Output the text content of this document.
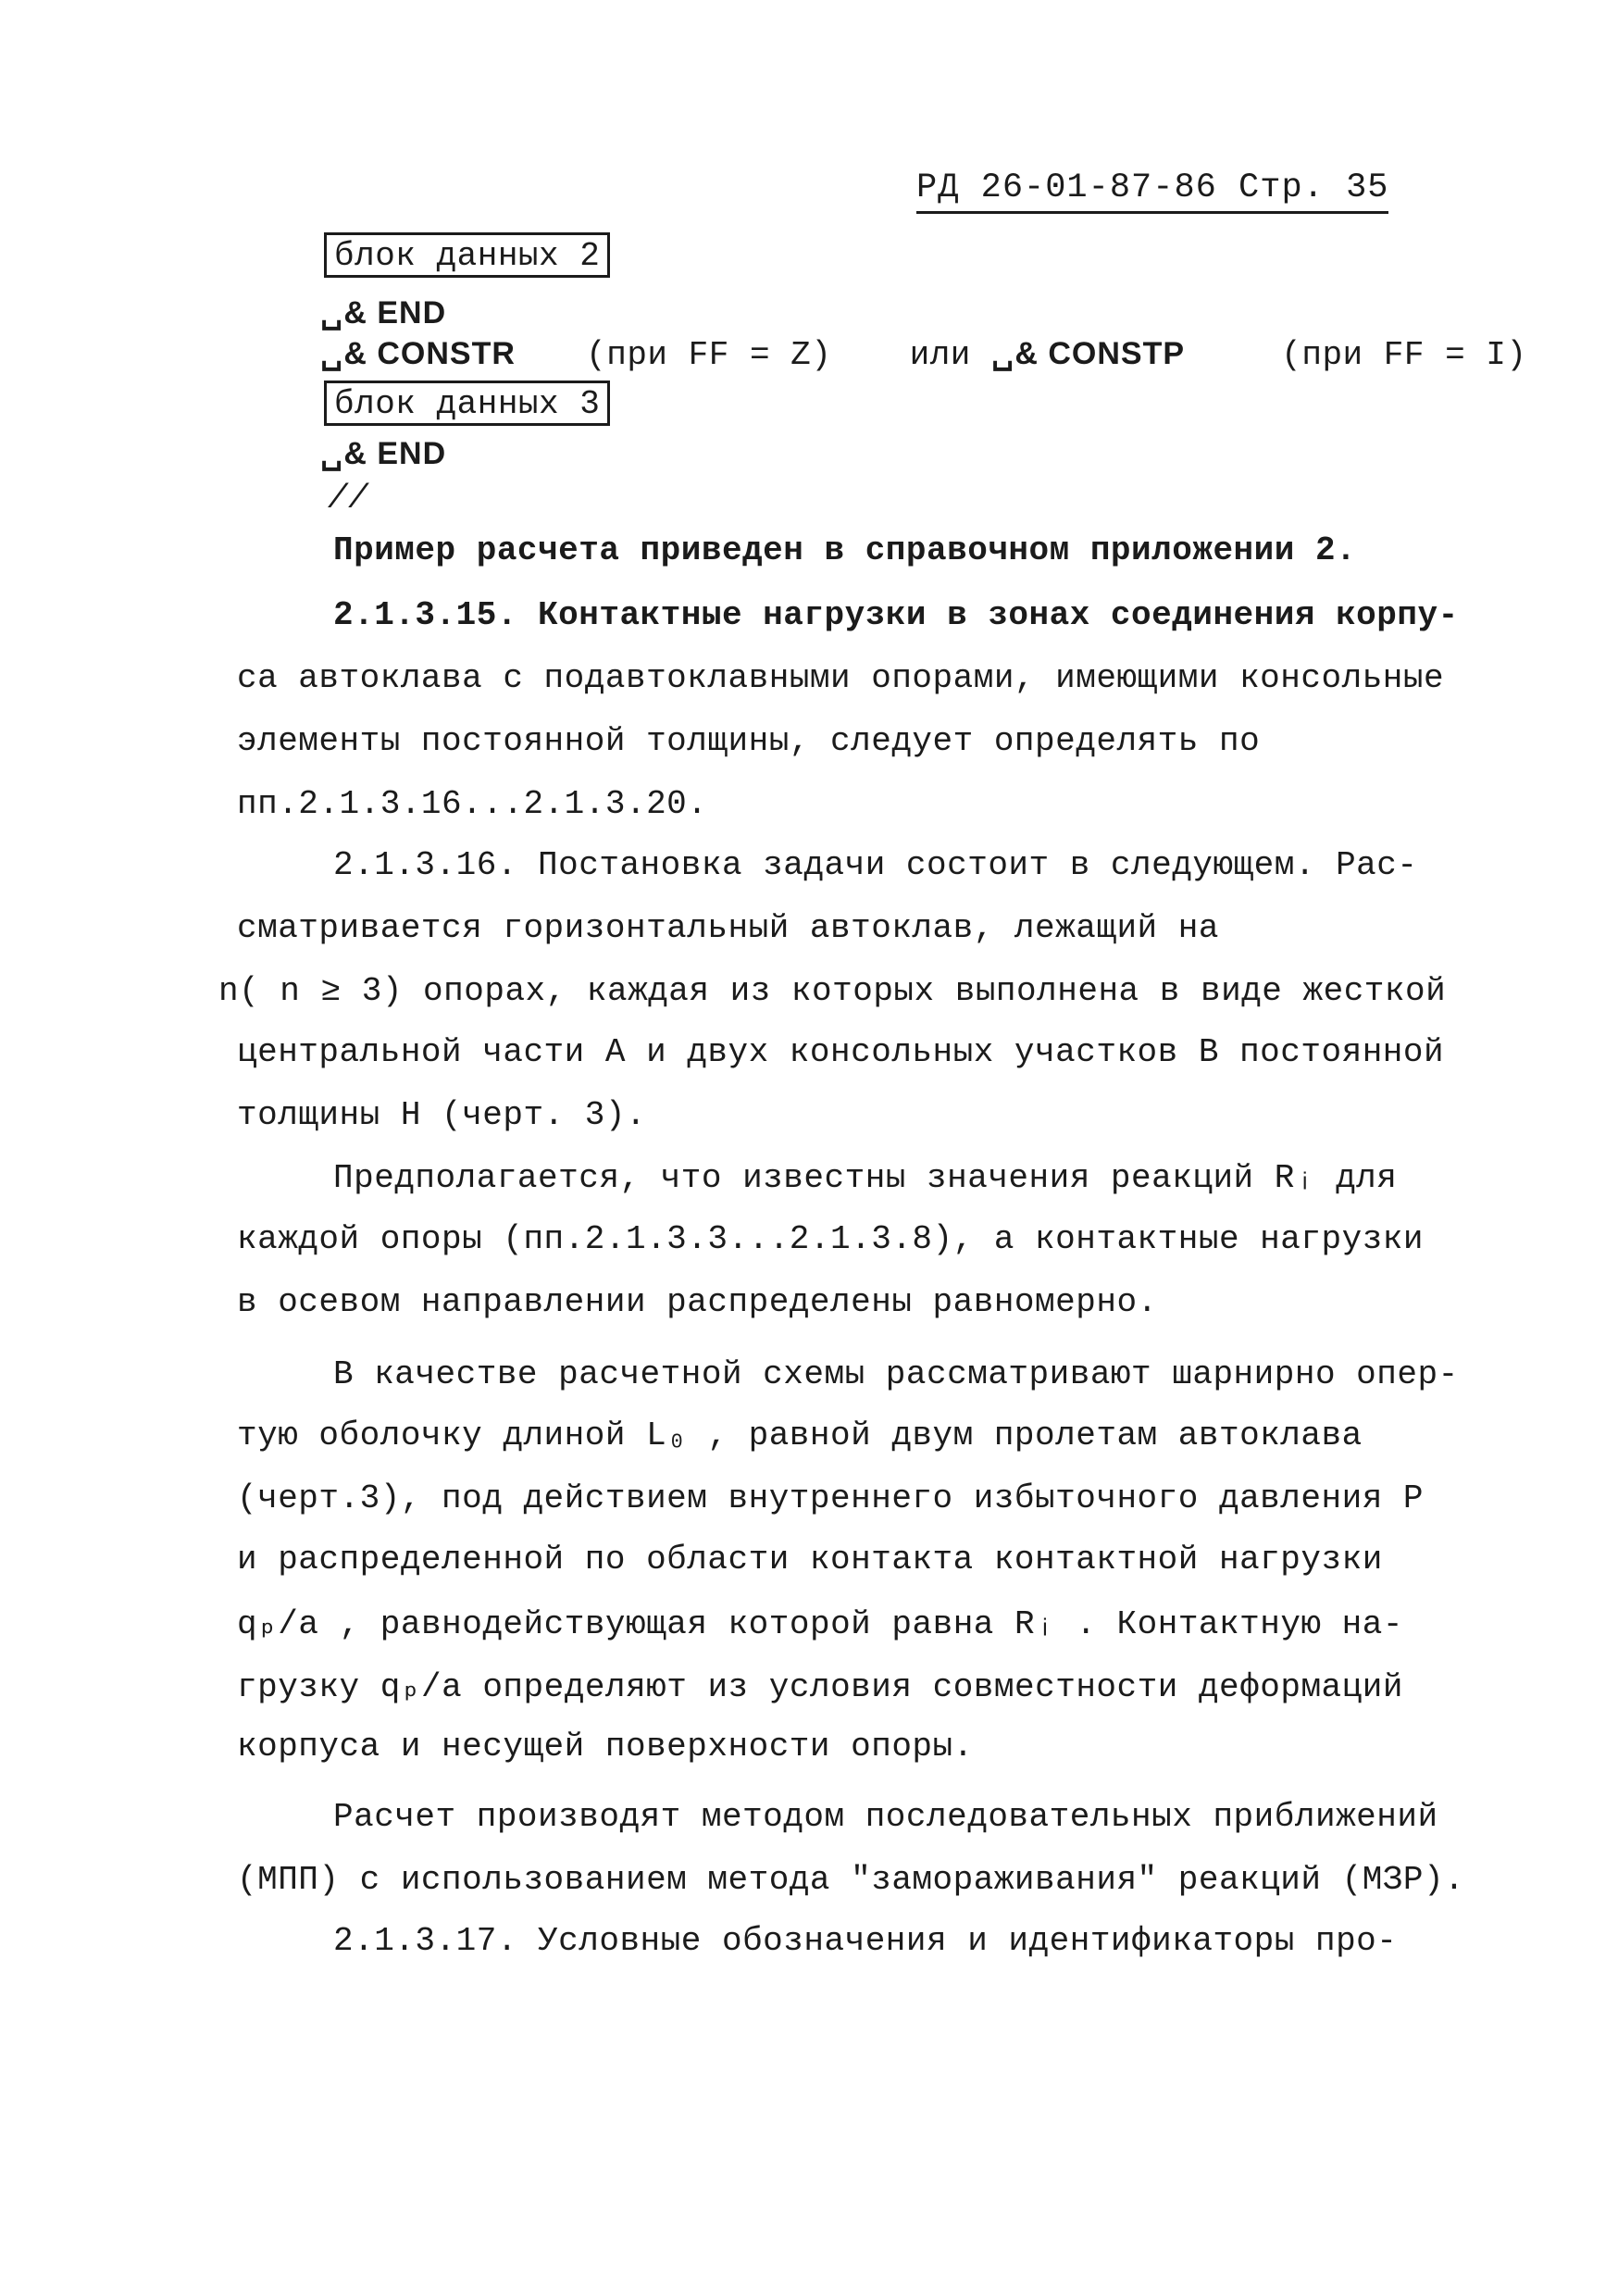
РД 26-01-87-86 Стр. 35
блок данных 2
␣& END
␣& CONSTR (при FF = Z) или ␣& CONSTP	(при FF = I)
блок данных 3
␣& END
//
Пример расчета приведен в справочном приложении 2.
2.1.3.15. Контактные нагрузки в зонах соединения корпу-
са автоклава с подавтоклавными опорами, имеющими консольные
элементы постоянной толщины, следует определять по
пп.2.1.3.16...2.1.3.20.
2.1.3.16. Постановка задачи состоит в следующем. Рас-
сматривается горизонтальный автоклав, лежащий на
n( n ≥ 3) опорах, каждая из которых выполнена в виде жесткой
центральной части А и двух консольных участков В постоянной
толщины Н (черт. 3).
Предполагается, что известны значения реакций Rᵢ для
каждой опоры (пп.2.1.3.3...2.1.3.8), а контактные нагрузки
в осевом направлении распределены равномерно.
В качестве расчетной схемы рассматривают шарнирно опер-
тую оболочку длиной L₀ , равной двум пролетам автоклава
(черт.3), под действием внутреннего избыточного давления P
и распределенной по области контакта контактной нагрузки
qₚ/a , равнодействующая которой равна Rᵢ . Контактную на-
грузку qₚ/a определяют из условия совместности деформаций
корпуса и несущей поверхности опоры.
Расчет производят методом последовательных приближений
(МПП) с использованием метода "замораживания" реакций (МЗР).
2.1.3.17. Условные обозначения и идентификаторы про-
